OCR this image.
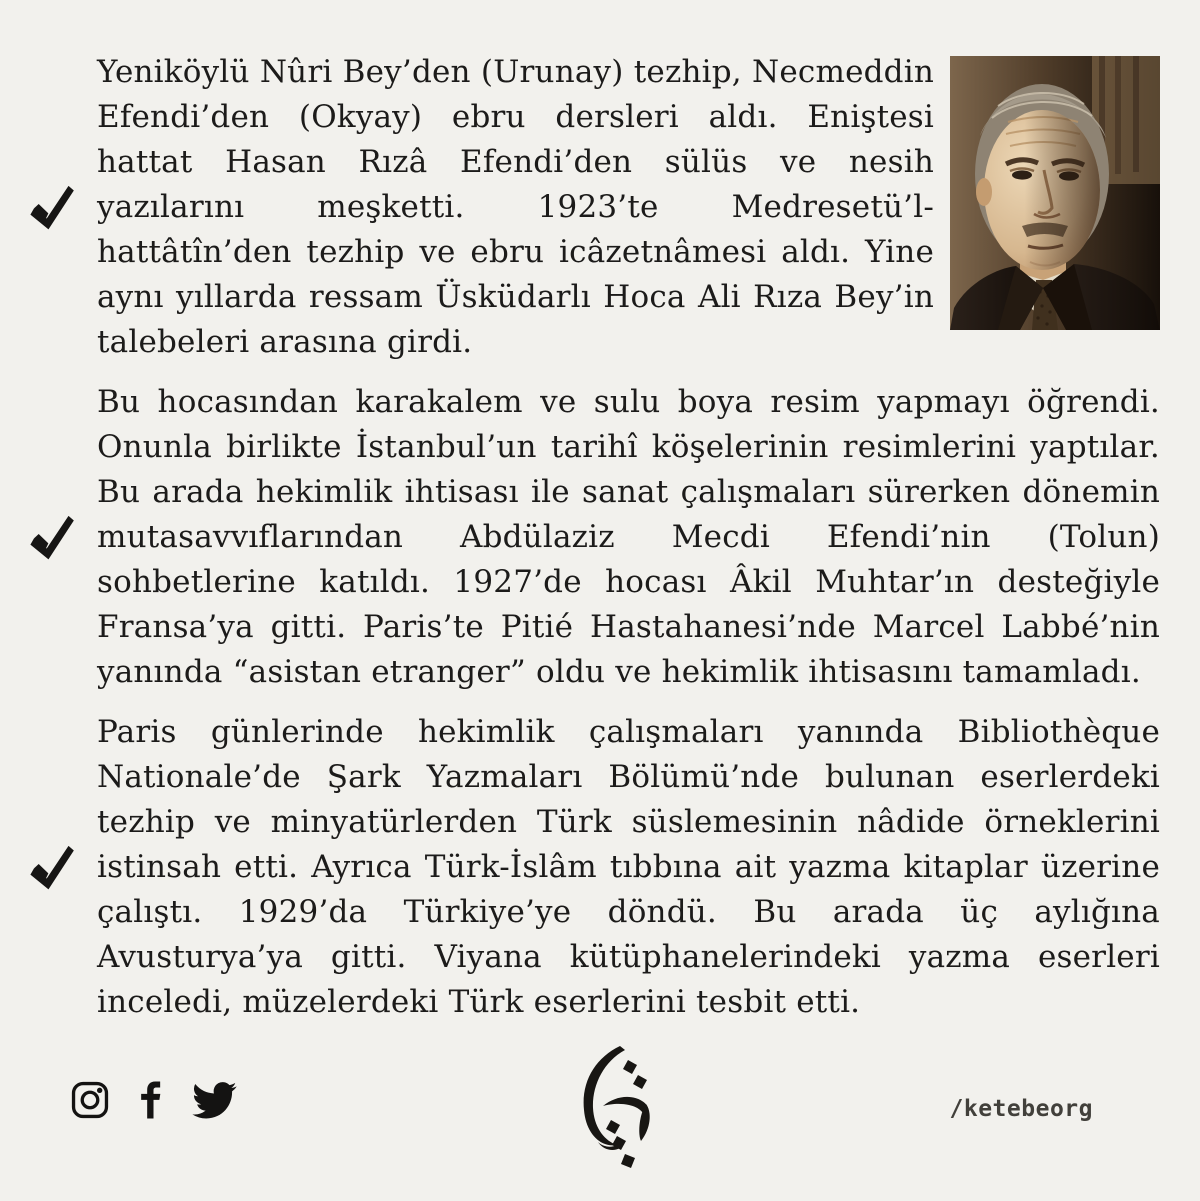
Yeniköylü Nûri Bey’den (Urunay) tezhip, Necmeddin Efendi’den (Okyay) ebru dersleri aldı. Eniştesi hattat Hasan Rızâ Efendi’den sülüs ve nesih yazılarını meşketti. 1923’te Medresetü’l-hattâtîn’den tezhip ve ebru icâzetnâmesi aldı. Yine aynı yıllarda ressam Üsküdarlı Hoca Ali Rıza Bey’in talebeleri arasına girdi.

Bu hocasından karakalem ve sulu boya resim yapmayı öğrendi. Onunla birlikte İstanbul’un tarihî köşelerinin resimlerini yaptılar. Bu arada hekimlik ihtisası ile sanat çalışmaları sürerken dönemin mutasavvıflarından Abdülaziz Mecdi Efendi’nin (Tolun) sohbetlerine katıldı. 1927’de hocası Âkil Muhtar’ın desteğiyle Fransa’ya gitti. Paris’te Pitié Hastahanesi’nde Marcel Labbé’nin yanında “asistan etranger” oldu ve hekimlik ihtisasını tamamladı.

Paris günlerinde hekimlik çalışmaları yanında Bibliothèque Nationale’de Şark Yazmaları Bölümü’nde bulunan eserlerdeki tezhip ve minyatürlerden Türk süslemesinin nâdide örneklerini istinsah etti. Ayrıca Türk-İslâm tıbbına ait yazma kitaplar üzerine çalıştı. 1929’da Türkiye’ye döndü. Bu arada üç aylığına Avusturya’ya gitti. Viyana kütüphanelerindeki yazma eserleri inceledi, müzelerdeki Türk eserlerini tesbit etti.

/ketebeorg
